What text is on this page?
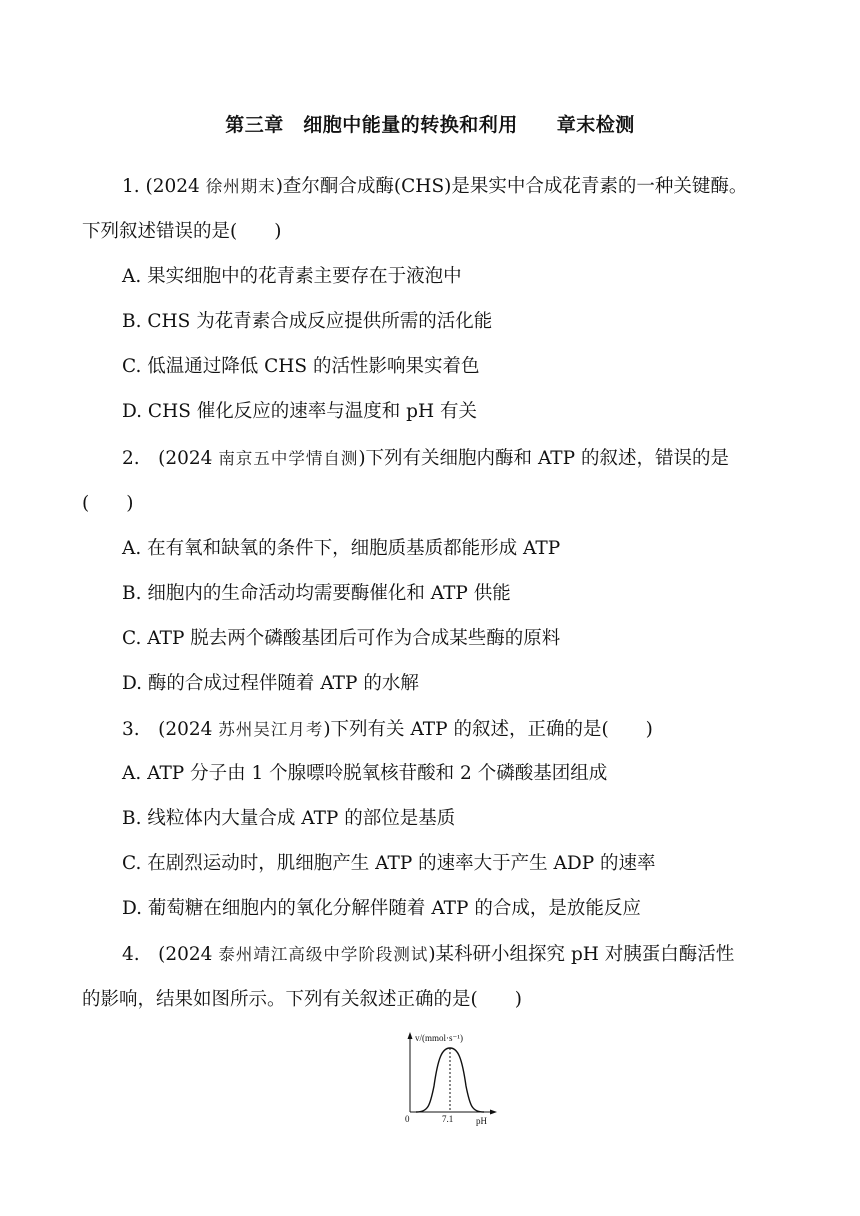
第三章　细胞中能量的转换和利用　　章末检测
1. (2024 徐州期末)查尔酮合成酶(CHS)是果实中合成花青素的一种关键酶。
下列叙述错误的是(　　)
A. 果实细胞中的花青素主要存在于液泡中
B. CHS 为花青素合成反应提供所需的活化能
C. 低温通过降低 CHS 的活性影响果实着色
D. CHS 催化反应的速率与温度和 pH 有关
2.　(2024 南京五中学情自测)下列有关细胞内酶和 ATP 的叙述，错误的是
(　　)
A. 在有氧和缺氧的条件下，细胞质基质都能形成 ATP
B. 细胞内的生命活动均需要酶催化和 ATP 供能
C. ATP 脱去两个磷酸基团后可作为合成某些酶的原料
D. 酶的合成过程伴随着 ATP 的水解
3.　(2024 苏州吴江月考)下列有关 ATP 的叙述，正确的是(　　)
A. ATP 分子由 1 个腺嘌呤脱氧核苷酸和 2 个磷酸基团组成
B. 线粒体内大量合成 ATP 的部位是基质
C. 在剧烈运动时，肌细胞产生 ATP 的速率大于产生 ADP 的速率
D. 葡萄糖在细胞内的氧化分解伴随着 ATP 的合成，是放能反应
4.　(2024 泰州靖江高级中学阶段测试)某科研小组探究 pH 对胰蛋白酶活性
的影响，结果如图所示。下列有关叙述正确的是(　　)
v/(mmol·s⁻¹)
0	7.1	pH
